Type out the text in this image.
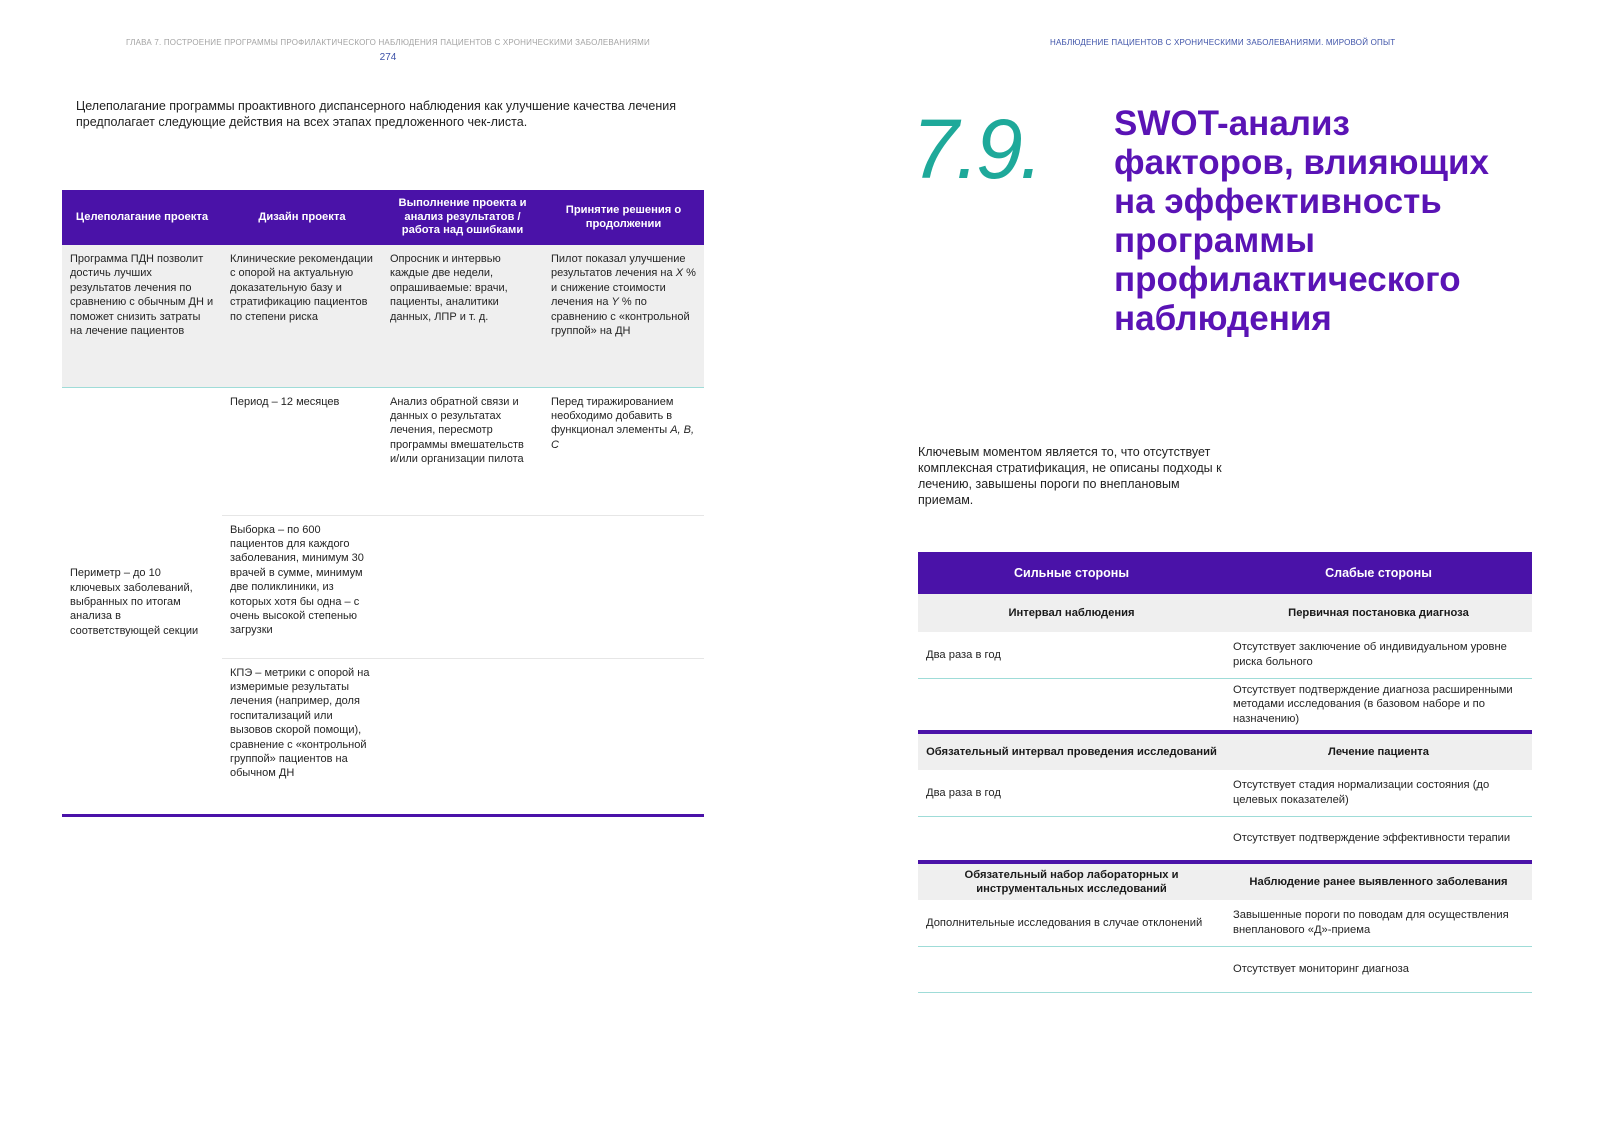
ГЛАВА 7. ПОСТРОЕНИЕ ПРОГРАММЫ ПРОФИЛАКТИЧЕСКОГО НАБЛЮДЕНИЯ ПАЦИЕНТОВ С ХРОНИЧЕСКИМИ ЗАБОЛЕВАНИЯМИ
274

Целеполагание программы проактивного диспансерного наблюдения как улучшение качества лечения предполагает следующие действия на всех этапах предложенного чек-листа.

Целеполагание проекта	Дизайн проекта	Выполнение проекта и анализ результатов / работа над ошибками	Принятие решения о продолжении
Программа ПДН позволит достичь лучших результатов лечения по сравнению с обычным ДН и поможет снизить затраты на лечение пациентов	Клинические рекомендации с опорой на актуальную доказательную базу и стратификацию пациентов по степени риска	Опросник и интервью каждые две недели, опрашиваемые: врачи, пациенты, аналитики данных, ЛПР и т. д.	Пилот показал улучшение результатов лечения на X % и снижение стоимости лечения на Y % по сравнению с «контрольной группой» на ДН
Периметр – до 10 ключевых заболеваний, выбранных по итогам анализа в соответствующей секции	Период – 12 месяцев	Анализ обратной связи и данных о результатах лечения, пересмотр программы вмешательств и/или организации пилота	Перед тиражированием необходимо добавить в функционал элементы A, B, C
	Выборка – по 600 пациентов для каждого заболевания, минимум 30 врачей в сумме, минимум две поликлиники, из которых хотя бы одна – с очень высокой степенью загрузки		
	КПЭ – метрики с опорой на измеримые результаты лечения (например, доля госпитализаций или вызовов скорой помощи), сравнение с «контрольной группой» пациентов на обычном ДН		
НАБЛЮДЕНИЕ ПАЦИЕНТОВ С ХРОНИЧЕСКИМИ ЗАБОЛЕВАНИЯМИ. МИРОВОЙ ОПЫТ
7.9. SWOT-анализ факторов, влияющих на эффективность программы профилактического наблюдения

Ключевым моментом является то, что отсутствует комплексная стратификация, не описаны подходы к лечению, завышены пороги по внеплановым приемам.

Сильные стороны	Слабые стороны
Интервал наблюдения	Первичная постановка диагноза
Два раза в год	Отсутствует заключение об индивидуальном уровне риска больного
	Отсутствует подтверждение диагноза расширенными методами исследования (в базовом наборе и по назначению)
Обязательный интервал проведения исследований	Лечение пациента
Два раза в год	Отсутствует стадия нормализации состояния (до целевых показателей)
	Отсутствует подтверждение эффективности терапии
Обязательный набор лабораторных и инструментальных исследований	Наблюдение ранее выявленного заболевания
Дополнительные исследования в случае отклонений	Завышенные пороги по поводам для осуществления внепланового «Д»-приема
	Отсутствует мониторинг диагноза
